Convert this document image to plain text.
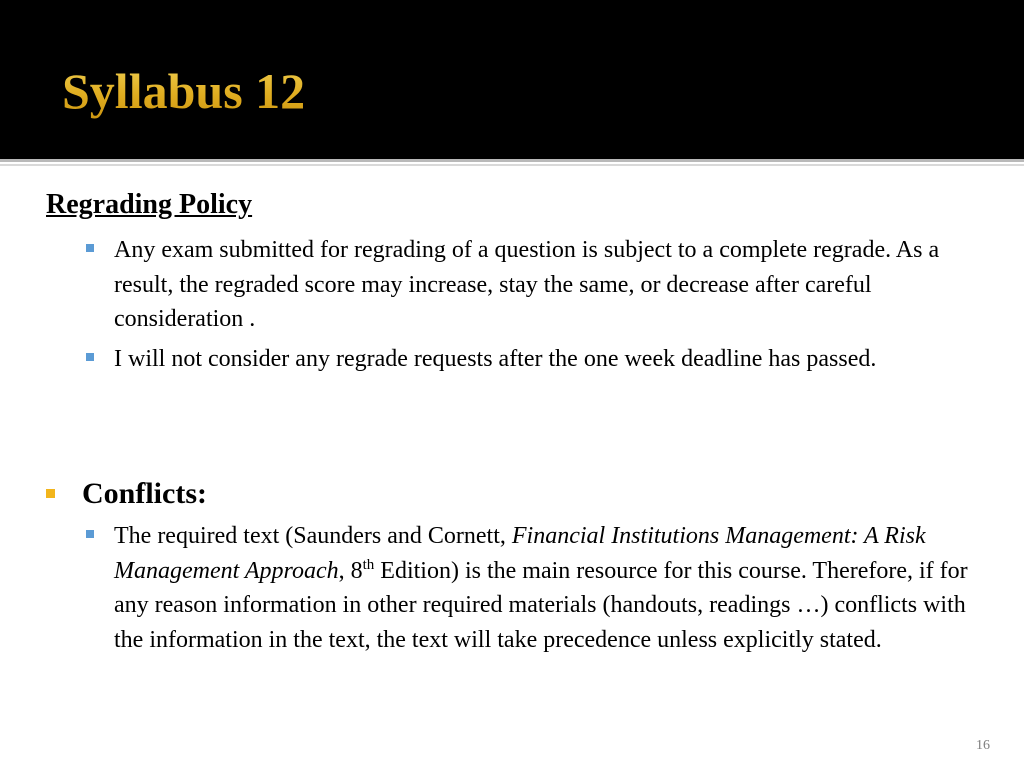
Syllabus 12
Regrading Policy

Any exam submitted for regrading of a question is subject to a complete regrade. As a result, the regraded score may increase, stay the same, or decrease after careful consideration .

I will not consider any regrade requests after the one week deadline has passed.

Conflicts:

The required text (Saunders and Cornett, Financial Institutions Management: A Risk Management Approach, 8th Edition) is the main resource for this course. Therefore, if for any reason information in other required materials (handouts, readings …) conflicts with the information in the text, the text will take precedence unless explicitly stated.

16
